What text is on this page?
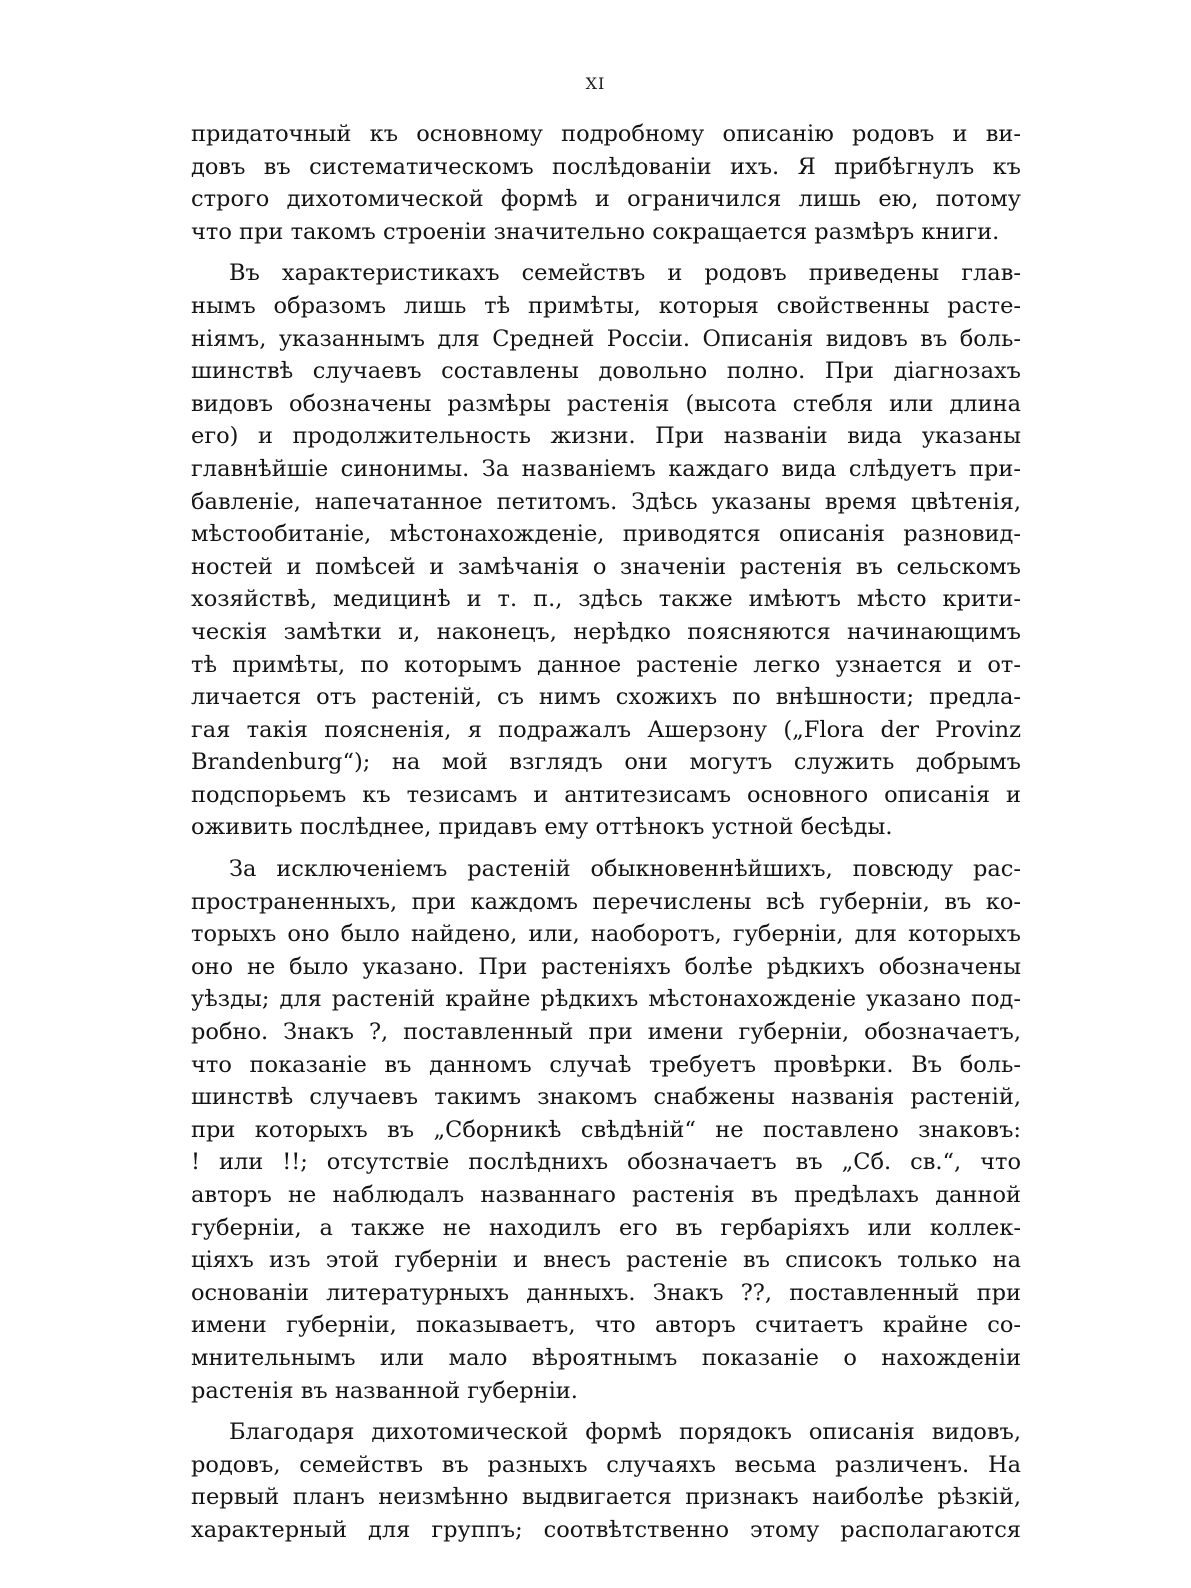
XI
придаточный къ основному подробному описанію родовъ и ви-
довъ въ систематическомъ послѣдованіи ихъ. Я прибѣгнулъ къ
строго дихотомической формѣ и ограничился лишь ею, потому
что при такомъ строеніи значительно сокращается размѣръ книги.
Въ характеристикахъ семействъ и родовъ приведены глав-
нымъ образомъ лишь тѣ примѣты, которыя свойственны расте-
ніямъ, указаннымъ для Средней Россіи. Описанія видовъ въ боль-
шинствѣ случаевъ составлены довольно полно. При діагнозахъ
видовъ обозначены размѣры растенія (высота стебля или длина
его) и продолжительность жизни. При названіи вида указаны
главнѣйшіе синонимы. За названіемъ каждаго вида слѣдуетъ при-
бавленіе, напечатанное петитомъ. Здѣсь указаны время цвѣтенія,
мѣстообитаніе, мѣстонахожденіе, приводятся описанія разновид-
ностей и помѣсей и замѣчанія о значеніи растенія въ сельскомъ
хозяйствѣ, медицинѣ и т. п., здѣсь также имѣютъ мѣсто крити-
ческія замѣтки и, наконецъ, нерѣдко поясняются начинающимъ
тѣ примѣты, по которымъ данное растеніе легко узнается и от-
личается отъ растеній, съ нимъ схожихъ по внѣшности; предла-
гая такія поясненія, я подражалъ Ашерзону („Flora der Provinz
Brandenburg“); на мой взглядъ они могутъ служить добрымъ
подспорьемъ къ тезисамъ и антитезисамъ основного описанія и
оживить послѣднее, придавъ ему оттѣнокъ устной бесѣды.
За исключеніемъ растеній обыкновеннѣйшихъ, повсюду рас-
пространенныхъ, при каждомъ перечислены всѣ губерніи, въ ко-
торыхъ оно было найдено, или, наоборотъ, губерніи, для которыхъ
оно не было указано. При растеніяхъ болѣе рѣдкихъ обозначены
уѣзды; для растеній крайне рѣдкихъ мѣстонахожденіе указано под-
робно. Знакъ ?, поставленный при имени губерніи, обозначаетъ,
что показаніе въ данномъ случаѣ требуетъ провѣрки. Въ боль-
шинствѣ случаевъ такимъ знакомъ снабжены названія растеній,
при которыхъ въ „Сборникѣ свѣдѣній“ не поставлено знаковъ:
! или !!; отсутствіе послѣднихъ обозначаетъ въ „Сб. св.“, что
авторъ не наблюдалъ названнаго растенія въ предѣлахъ данной
губерніи, а также не находилъ его въ гербаріяхъ или коллек-
ціяхъ изъ этой губерніи и внесъ растеніе въ списокъ только на
основаніи литературныхъ данныхъ. Знакъ ??, поставленный при
имени губерніи, показываетъ, что авторъ считаетъ крайне со-
мнительнымъ или мало вѣроятнымъ показаніе о нахожденіи
растенія въ названной губерніи.
Благодаря дихотомической формѣ порядокъ описанія видовъ,
родовъ, семействъ въ разныхъ случаяхъ весьма различенъ. На
первый планъ неизмѣнно выдвигается признакъ наиболѣе рѣзкій,
характерный для группъ; соотвѣтственно этому располагаются
